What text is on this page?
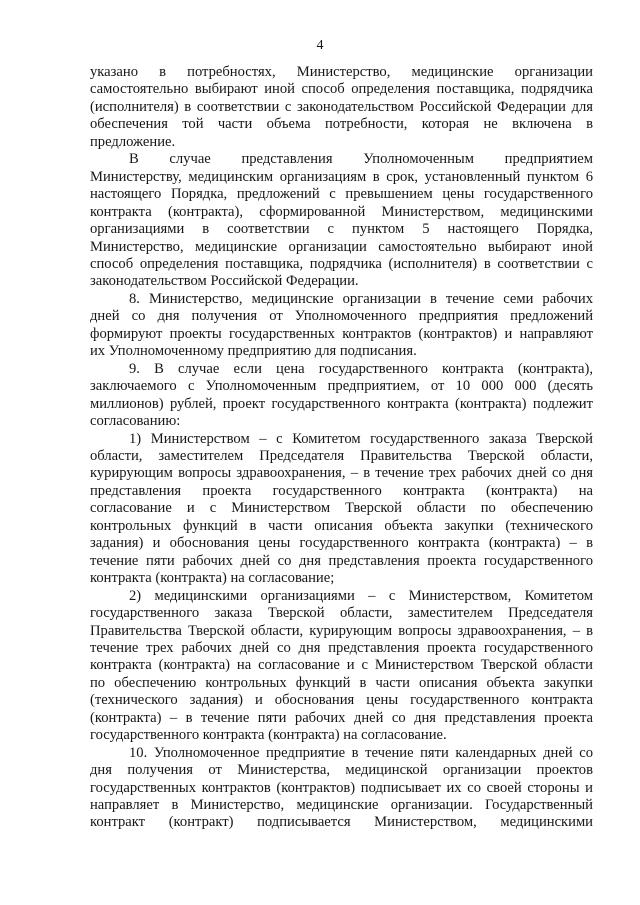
4
указано в потребностях, Министерство, медицинские организации
самостоятельно выбирают иной способ определения поставщика, подрядчика
(исполнителя) в соответствии с законодательством Российской Федерации для
обеспечения той части объема потребности, которая не включена в
предложение.
В случае представления Уполномоченным предприятием
Министерству, медицинским организациям в срок, установленный пунктом 6
настоящего Порядка, предложений с превышением цены государственного
контракта (контракта), сформированной Министерством, медицинскими
организациями в соответствии с пунктом 5 настоящего Порядка,
Министерство, медицинские организации самостоятельно выбирают иной
способ определения поставщика, подрядчика (исполнителя) в соответствии с
законодательством Российской Федерации.
8. Министерство, медицинские организации в течение семи рабочих
дней со дня получения от Уполномоченного предприятия предложений
формируют проекты государственных контрактов (контрактов) и направляют
их Уполномоченному предприятию для подписания.
9. В случае если цена государственного контракта (контракта),
заключаемого с Уполномоченным предприятием, от 10 000 000 (десять
миллионов) рублей, проект государственного контракта (контракта) подлежит
согласованию:
1) Министерством – с Комитетом государственного заказа Тверской
области, заместителем Председателя Правительства Тверской области,
курирующим вопросы здравоохранения, – в течение трех рабочих дней со дня
представления проекта государственного контракта (контракта) на
согласование и с Министерством Тверской области по обеспечению
контрольных функций в части описания объекта закупки (технического
задания) и обоснования цены государственного контракта (контракта) – в
течение пяти рабочих дней со дня представления проекта государственного
контракта (контракта) на согласование;
2) медицинскими организациями – с Министерством, Комитетом
государственного заказа Тверской области, заместителем Председателя
Правительства Тверской области, курирующим вопросы здравоохранения, – в
течение трех рабочих дней со дня представления проекта государственного
контракта (контракта) на согласование и с Министерством Тверской области
по обеспечению контрольных функций в части описания объекта закупки
(технического задания) и обоснования цены государственного контракта
(контракта) – в течение пяти рабочих дней со дня представления проекта
государственного контракта (контракта) на согласование.
10. Уполномоченное предприятие в течение пяти календарных дней со
дня получения от Министерства, медицинской организации проектов
государственных контрактов (контрактов) подписывает их со своей стороны и
направляет в Министерство, медицинские организации. Государственный
контракт (контракт) подписывается Министерством, медицинскими
